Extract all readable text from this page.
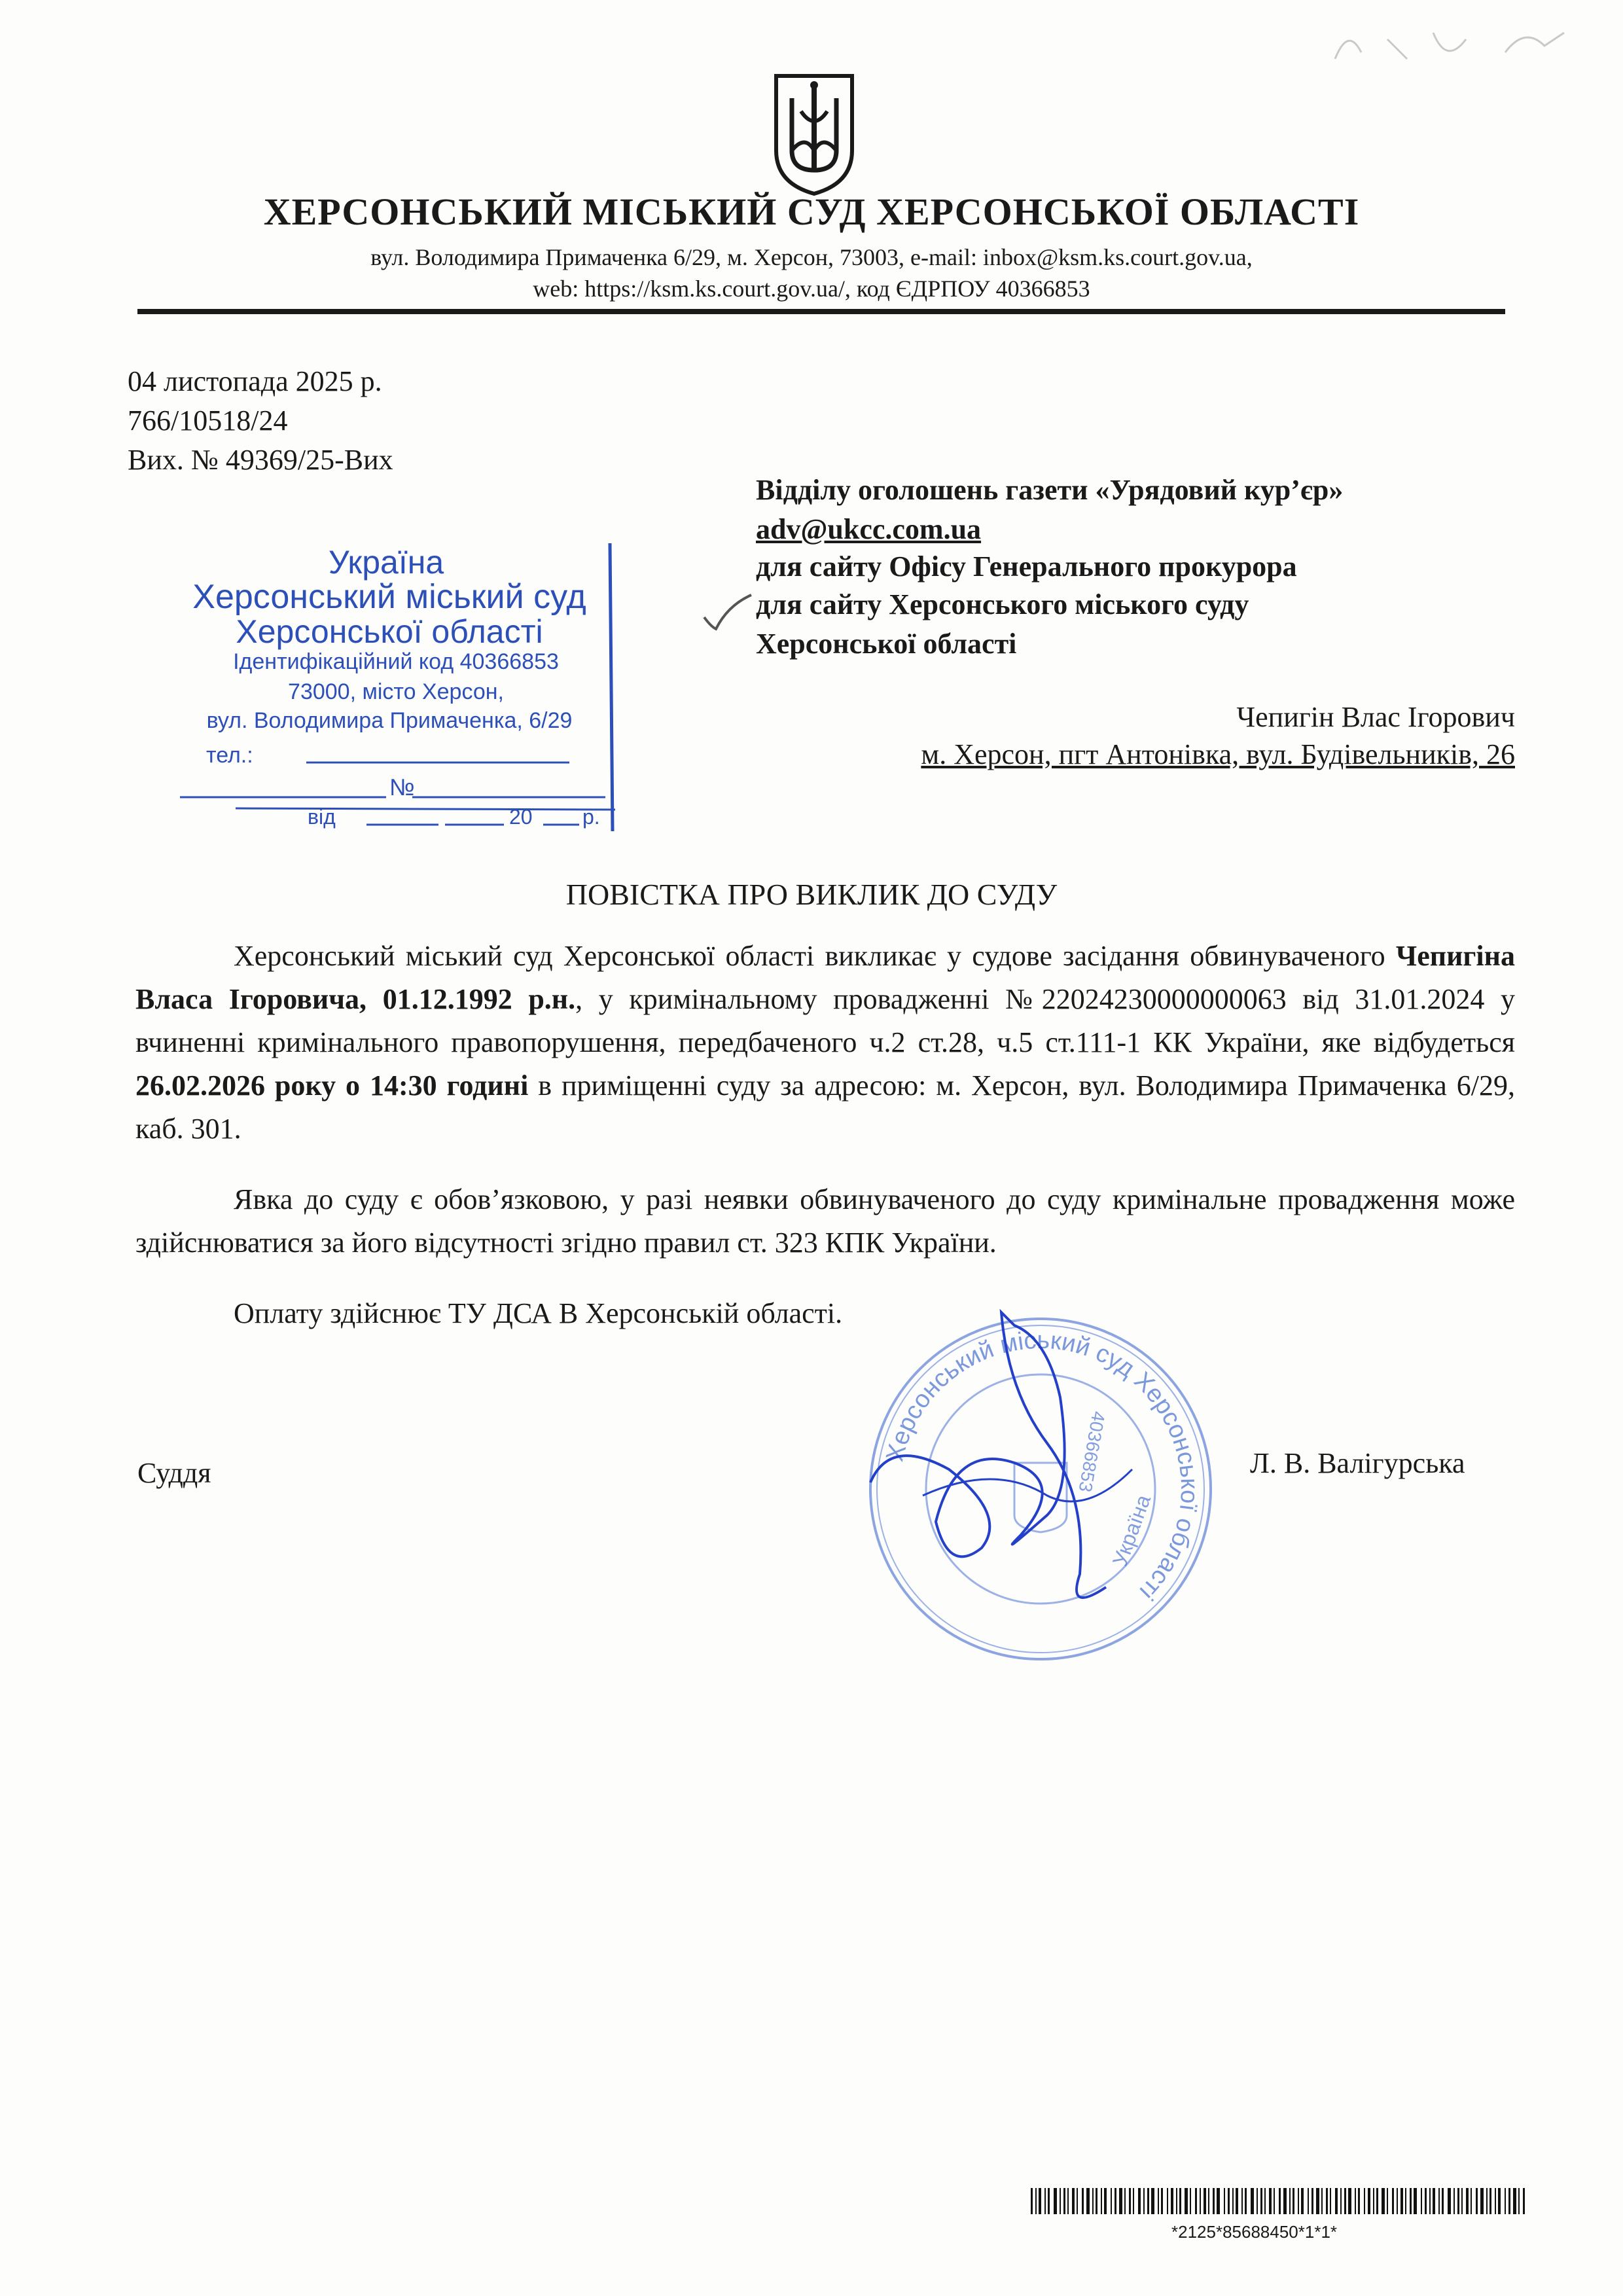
ХЕРСОНСЬКИЙ МІСЬКИЙ СУД ХЕРСОНСЬКОЇ ОБЛАСТІ
вул. Володимира Примаченка 6/29, м. Херсон, 73003, e-mail: inbox@ksm.ks.court.gov.ua,
web: https://ksm.ks.court.gov.ua/, код ЄДРПОУ 40366853
04 листопада 2025 р.
766/10518/24
Вих. № 49369/25-Вих
Відділу оголошень газети «Урядовий кур’єр»
adv@ukcc.com.ua
для сайту Офісу Генерального прокурора
для сайту Херсонського міського суду
Херсонської області
Чепигін Влас Ігорович
м. Херсон, пгт Антонівка, вул. Будівельників, 26
Україна
Херсонський міський суд
Херсонської області
Ідентифікаційний код 40366853
73000, місто Херсон,
вул. Володимира Примаченка, 6/29
тел.:
№
від	20 р.
ПОВІСТКА ПРО ВИКЛИК ДО СУДУ

Херсонський міський суд Херсонської області викликає у судове засідання обвинуваченого Чепигіна Власа Ігоровича, 01.12.1992 р.н., у кримінальному провадженні №22024230000000063 від 31.01.2024 у вчиненні кримінального правопорушення, передбаченого ч.2 ст.28, ч.5 ст.111-1 КК України, яке відбудеться 26.02.2026 року о 14:30 годині в приміщенні суду за адресою: м. Херсон, вул. Володимира Примаченка 6/29, каб. 301.

Явка до суду є обов’язковою, у разі неявки обвинуваченого до суду кримінальне провадження може здійснюватися за його відсутності згідно правил ст. 323 КПК України.

Оплату здійснює ТУ ДСА В Херсонській області.

Суддя	Л. В. Валігурська
Херсонський міський суд Херсонської області
Україна
40366853
*2125*85688450*1*1*
